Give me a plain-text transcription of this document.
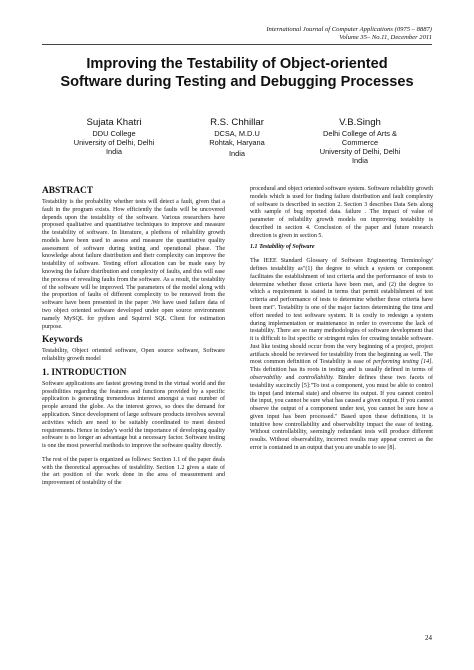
International Journal of Computer Applications (0975 – 8887)
Volume 35– No.11, December 2011
Improving the Testability of Object-oriented
Software during Testing and Debugging Processes
Sujata Khatri
DDU College
University of Delhi, Delhi
India
R.S. Chhillar
DCSA, M.D.U
Rohtak, Haryana
India
V.B.Singh
Delhi College of Arts &
Commerce
University of Delhi, Delhi
India
ABSTRACT

Testability is the probability whether tests will detect a fault, given that a fault in the program exists. How efficiently the faults will be uncovered depends upon the testability of the software. Various researchers have proposed qualitative and quantitative techniques to improve and measure the testability of software. In literature, a plethora of reliability growth models have been used to assess and measure the quantitative quality assessment of software during testing and operational phase. The knowledge about failure distribution and their complexity can improve the testability of software. Testing effort allocation can be made easy by knowing the failure distribution and complexity of faults, and this will ease the process of revealing faults from the software. As a result, the testability of the software will be improved. The parameters of the model along with the proportion of faults of different complexity to be removed from the software have been presented in the paper .We have used failure data of two object oriented software developed under open source environment namely MySQL for python and Squirrel SQL Client for estimation purpose.

Keywords

Testability, Object oriented software, Open source software, Software reliability growth model

1. INTRODUCTION

Software applications are fastest growing trend in the virtual world and the possibilities regarding the features and functions provided by a specific application is generating tremendous interest amongst a vast number of people around the globe. As the interest grows, so does the demand for application. Since development of large software products involves several activities which are need to be suitably coordinated to meet desired requirements. Hence in today's world the importance of developing quality software is no longer an advantage but a necessary factor. Software testing is one the most powerful methods to improve the software quality directly.

The rest of the paper is organized as follows: Section 1.1 of the paper deals with the theoretical approaches of testability. Section 1.2 gives a state of the art position of the work done in the area of measurement and improvement of testability of the

procedural and object oriented software system. Software reliability growth models which is used for finding failure distribution and fault complexity of software is described in section 2. Section 3 describes Data Sets along with sample of bug reported data. failure . The impact of value of parameter of reliability growth models on improving testability is described in section 4. Conclusion of the paper and future research direction is given in section 5.

1.1 Testability of Software

The IEEE Standard Glossary of Software Engineering Terminology' defines testability as"(1) the degree to which a system or component facilitates the establishment of test criteria and the performance of tests to determine whether those criteria have been met, and (2) the degree to which a requirement is stated in terms that permit establishment of test criteria and performance of tests to determine whether those criteria have been met". Testability is one of the major factors determining the time and effort needed to test software system. It is costly to redesign a system during implementation or maintenance in order to overcome the lack of testability. There are so many methodologies of software development that it is difficult to list specific or stringent rules for creating testable software. Just like testing should occur from the very beginning of a project, project artifacts should be reviewed for testability from the beginning as well. The most common definition of Testability is ease of performing testing [14]. This definition has its roots in testing and is usually defined in terms of observability and controllability. Binder defines these two facets of testability succinctly [5]:"To test a component, you must be able to control its input (and internal state) and observe its output. If you cannot control the input, you cannot be sure what has caused a given output. If you cannot observe the output of a component under test, you cannot be sure how a given input has been processed." Based upon these definitions, it is intuitive how controllability and observability impact the ease of testing. Without controllability, seemingly redundant tests will produce different results. Without observability, incorrect results may appear correct as the error is contained in an output that you are unable to see [8].

24
